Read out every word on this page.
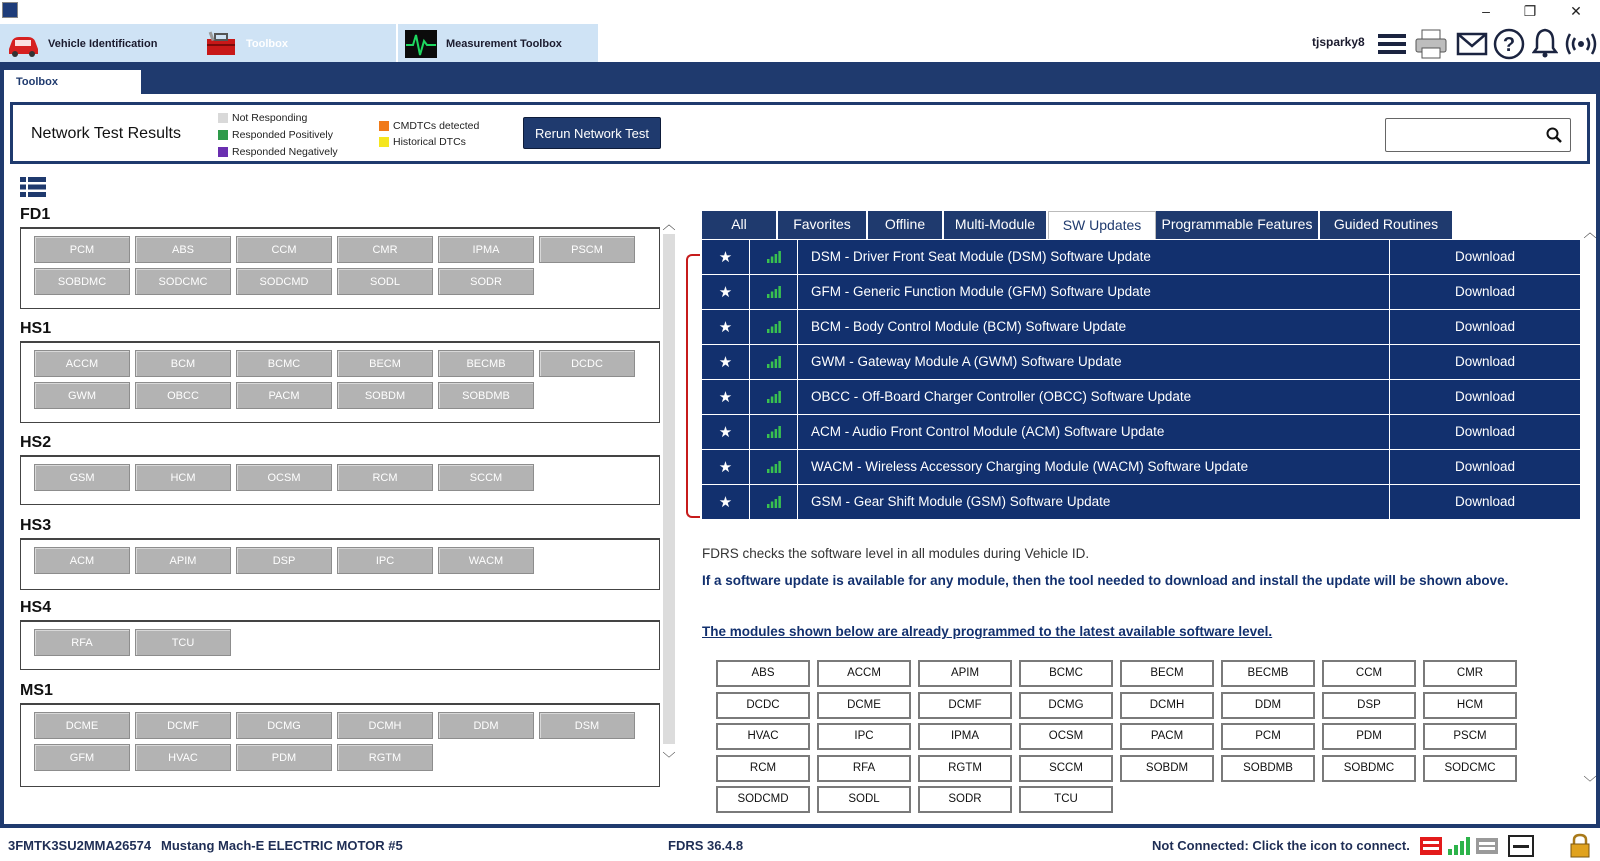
–	❐	✕
Vehicle Identification	Toolbox	Measurement Toolbox	tjsparky8	?
Toolbox
Network Test Results
Not Responding
Responded Positively
Responded Negatively
CMDTCs detected
Historical DTCs
Rerun Network Test
FD1
PCM	ABS	CCM	CMR	IPMA	PSCM
SOBDMC	SODCMC	SODCMD	SODL	SODR
HS1
ACCM	BCM	BCMC	BECM	BECMB	DCDC
GWM	OBCC	PACM	SOBDM	SOBDMB
HS2
GSM	HCM	OCSM	RCM	SCCM
HS3
ACM	APIM	DSP	IPC	WACM
HS4
RFA	TCU
MS1
DCME	DCMF	DCMG	DCMH	DDM	DSM
GFM	HVAC	PDM	RGTM
︿
﹀
All	Favorites	Offline	Multi-Module	SW Updates	Programmable Features	Guided Routines
★	DSM - Driver Front Seat Module (DSM) Software Update	Download
★	GFM - Generic Function Module (GFM) Software Update	Download
★	BCM - Body Control Module (BCM) Software Update	Download
★	GWM - Gateway Module A (GWM) Software Update	Download
★	OBCC - Off-Board Charger Controller (OBCC) Software Update	Download
★	ACM - Audio Front Control Module (ACM) Software Update	Download
★	WACM - Wireless Accessory Charging Module (WACM) Software Update	Download
★	GSM - Gear Shift Module (GSM) Software Update	Download
FDRS checks the software level in all modules during Vehicle ID.
If a software update is available for any module, then the tool needed to download and install the update will be shown above.
The modules shown below are already programmed to the latest available software level.
ABS	ACCM	APIM	BCMC	BECM	BECMB	CCM	CMR
DCDC	DCME	DCMF	DCMG	DCMH	DDM	DSP	HCM
HVAC	IPC	IPMA	OCSM	PACM	PCM	PDM	PSCM
RCM	RFA	RGTM	SCCM	SOBDM	SOBDMB	SOBDMC	SODCMC
SODCMD	SODL	SODR	TCU
︿
﹀
3FMTK3SU2MMA26574 Mustang Mach-E ELECTRIC MOTOR #5	FDRS 36.4.8	Not Connected: Click the icon to connect.
